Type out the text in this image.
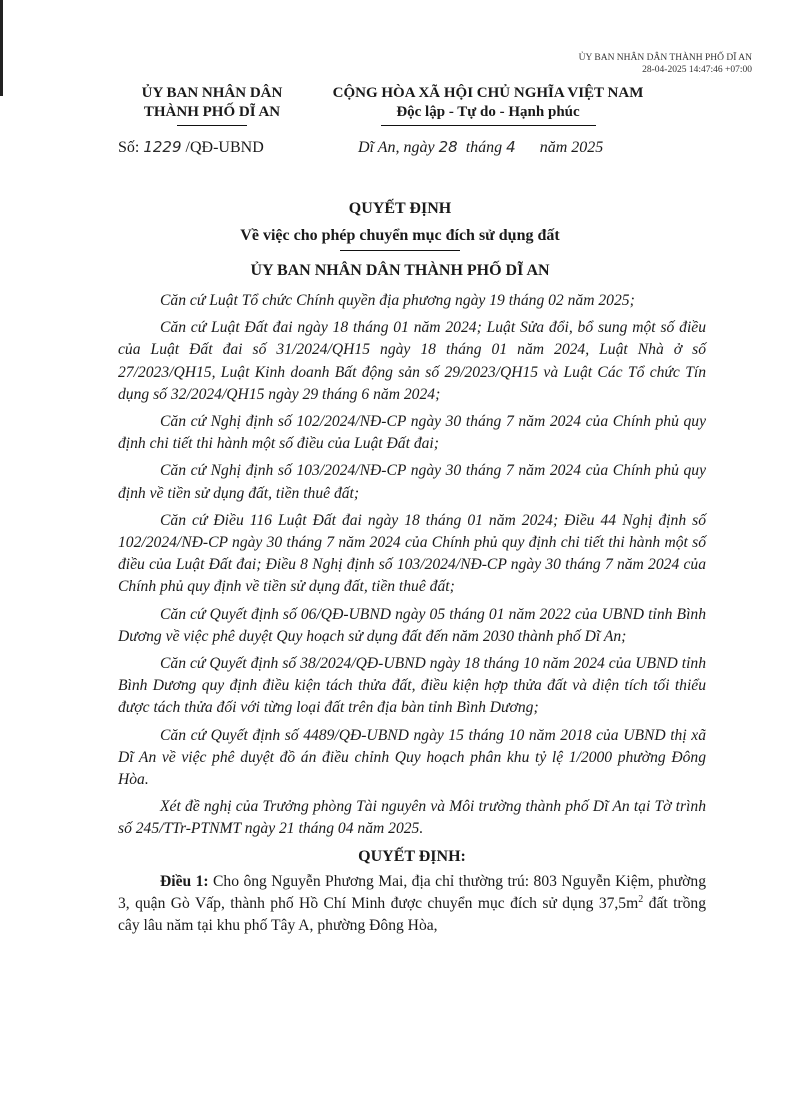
ỦY BAN NHÂN DÂN THÀNH PHỐ DĨ AN
28-04-2025 14:47:46 +07:00
ỦY BAN NHÂN DÂN
THÀNH PHỐ DĨ AN
CỘNG HÒA XÃ HỘI CHỦ NGHĨA VIỆT NAM
Độc lập - Tự do - Hạnh phúc
Số: 1229 /QĐ-UBND	Dĩ An, ngày 28 tháng 4 năm 2025
QUYẾT ĐỊNH
Về việc cho phép chuyển mục đích sử dụng đất
ỦY BAN NHÂN DÂN THÀNH PHỐ DĨ AN

Căn cứ Luật Tổ chức Chính quyền địa phương ngày 19 tháng 02 năm 2025;

Căn cứ Luật Đất đai ngày 18 tháng 01 năm 2024; Luật Sửa đổi, bổ sung một số điều của Luật Đất đai số 31/2024/QH15 ngày 18 tháng 01 năm 2024, Luật Nhà ở số 27/2023/QH15, Luật Kinh doanh Bất động sản số 29/2023/QH15 và Luật Các Tổ chức Tín dụng số 32/2024/QH15 ngày 29 tháng 6 năm 2024;

Căn cứ Nghị định số 102/2024/NĐ-CP ngày 30 tháng 7 năm 2024 của Chính phủ quy định chi tiết thi hành một số điều của Luật Đất đai;

Căn cứ Nghị định số 103/2024/NĐ-CP ngày 30 tháng 7 năm 2024 của Chính phủ quy định về tiền sử dụng đất, tiền thuê đất;

Căn cứ Điều 116 Luật Đất đai ngày 18 tháng 01 năm 2024; Điều 44 Nghị định số 102/2024/NĐ-CP ngày 30 tháng 7 năm 2024 của Chính phủ quy định chi tiết thi hành một số điều của Luật Đất đai; Điều 8 Nghị định số 103/2024/NĐ-CP ngày 30 tháng 7 năm 2024 của Chính phủ quy định về tiền sử dụng đất, tiền thuê đất;

Căn cứ Quyết định số 06/QĐ-UBND ngày 05 tháng 01 năm 2022 của UBND tỉnh Bình Dương về việc phê duyệt Quy hoạch sử dụng đất đến năm 2030 thành phố Dĩ An;

Căn cứ Quyết định số 38/2024/QĐ-UBND ngày 18 tháng 10 năm 2024 của UBND tỉnh Bình Dương quy định điều kiện tách thửa đất, điều kiện hợp thửa đất và diện tích tối thiểu được tách thửa đối với từng loại đất trên địa bàn tỉnh Bình Dương;

Căn cứ Quyết định số 4489/QĐ-UBND ngày 15 tháng 10 năm 2018 của UBND thị xã Dĩ An về việc phê duyệt đồ án điều chỉnh Quy hoạch phân khu tỷ lệ 1/2000 phường Đông Hòa.

Xét đề nghị của Trưởng phòng Tài nguyên và Môi trường thành phố Dĩ An tại Tờ trình số 245/TTr-PTNMT ngày 21 tháng 04 năm 2025.

QUYẾT ĐỊNH:

Điều 1: Cho ông Nguyễn Phương Mai, địa chỉ thường trú: 803 Nguyễn Kiệm, phường 3, quận Gò Vấp, thành phố Hồ Chí Minh được chuyển mục đích sử dụng $37,5m^2$ đất trồng cây lâu năm tại khu phố Tây A, phường Đông Hòa,
